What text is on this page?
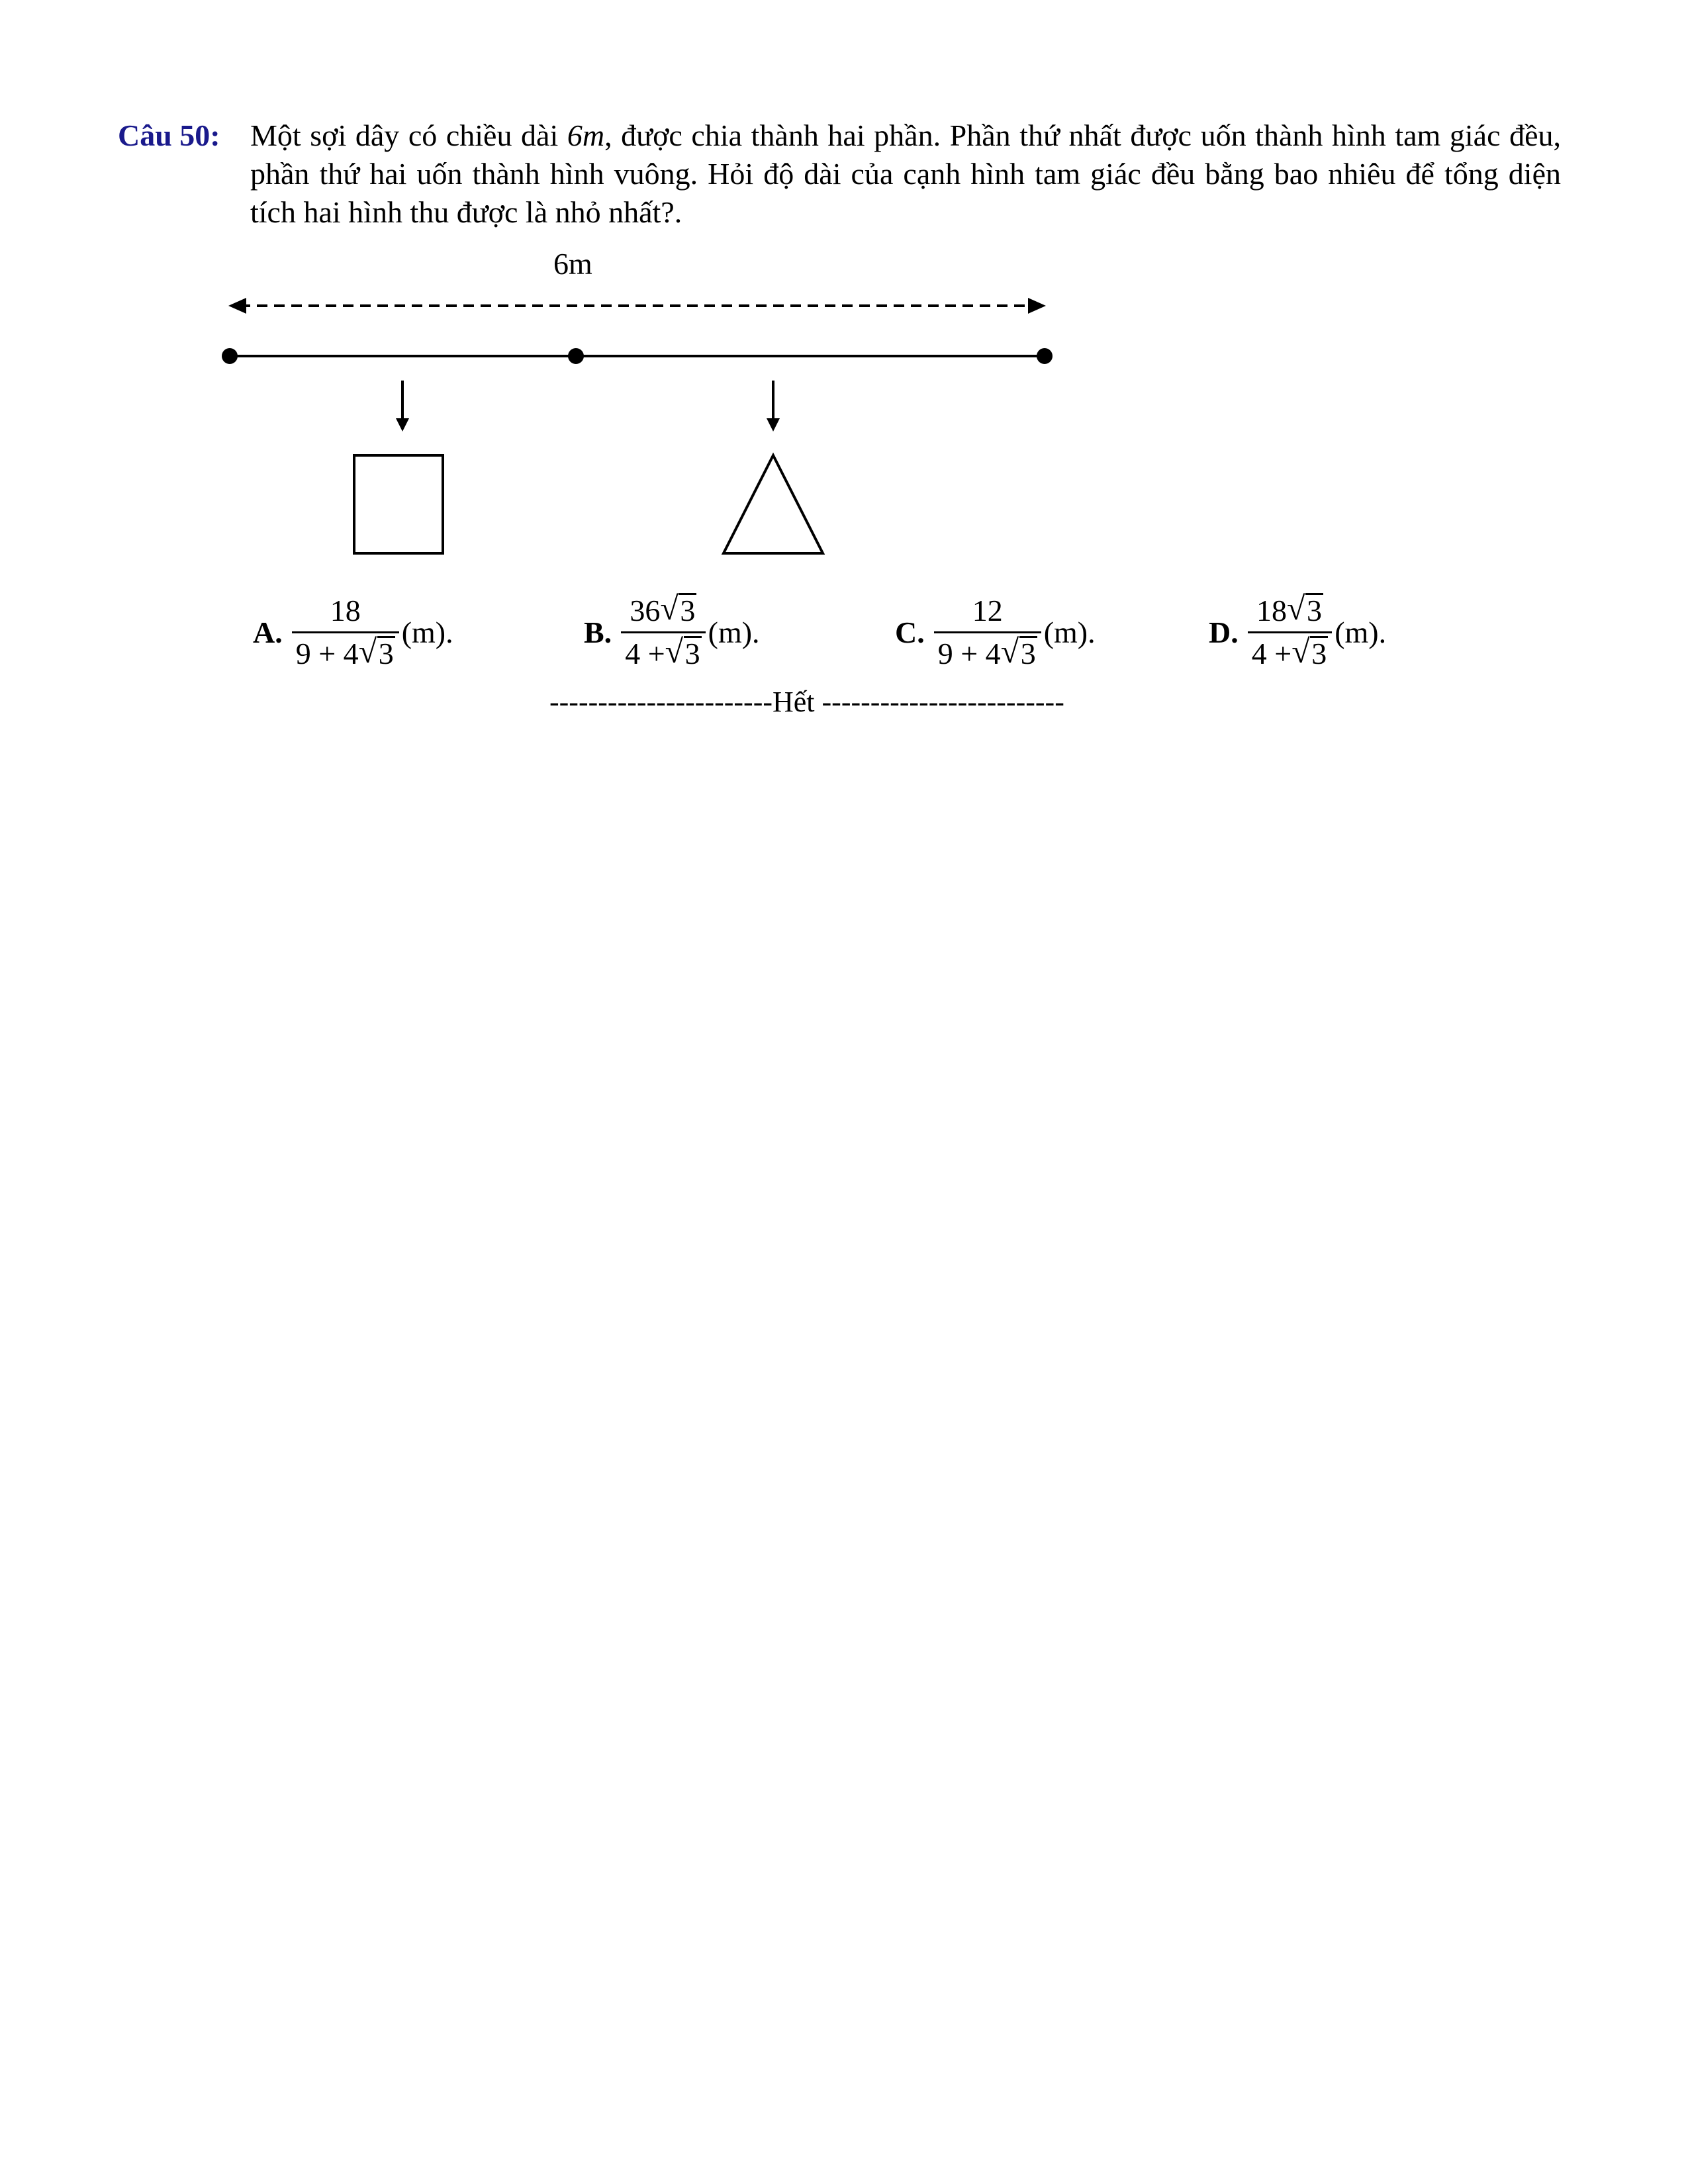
Câu 50: Một sợi dây có chiều dài 6m, được chia thành hai phần. Phần thứ nhất được uốn thành hình tam giác đều, phần thứ hai uốn thành hình vuông. Hỏi độ dài của cạnh hình tam giác đều bằng bao nhiêu để tổng diện tích hai hình thu được là nhỏ nhất?.
6m
A. $\frac{18}{9 + 4 √ 3} (m)$.	B. $\frac{36 √ 3}{4 + √ 3} (m)$.	C. $\frac{12}{9 + 4 √ 3} (m)$.	D. $\frac{18 √ 3}{4 + √ 3} (m)$.
-----------------------Hết -------------------------
